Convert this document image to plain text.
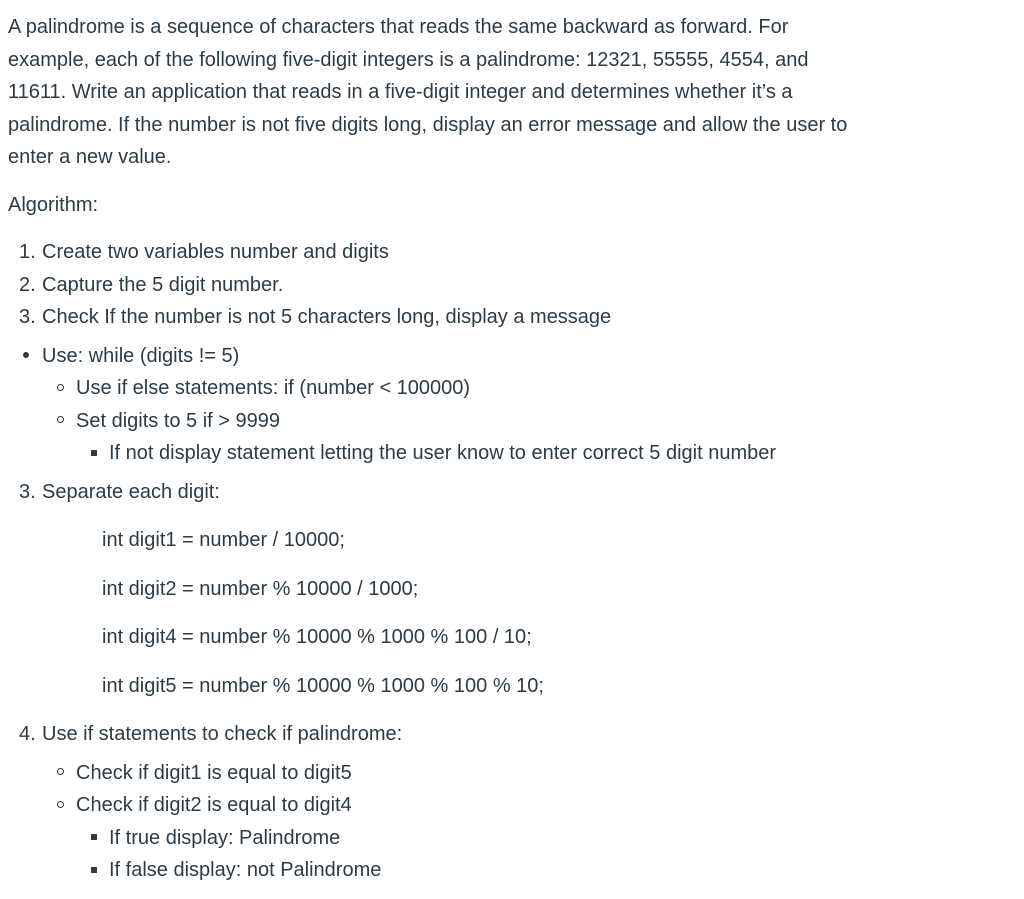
A palindrome is a sequence of characters that reads the same backward as forward. For example, each of the following five-digit integers is a palindrome: 12321, 55555, 4554, and 11611. Write an application that reads in a five-digit integer and determines whether it’s a palindrome. If the number is not five digits long, display an error message and allow the user to enter a new value.

Algorithm:

1. Create two variables number and digits
2. Capture the 5 digit number.
3. Check If the number is not 5 characters long, display a message
Use: while (digits != 5)
Use if else statements: if (number < 100000)
Set digits to 5 if > 9999
If not display statement letting the user know to enter correct 5 digit number
3. Separate each digit:

int digit1 = number / 10000;

int digit2 = number % 10000 / 1000;

int digit4 = number % 10000 % 1000 % 100 / 10;

int digit5 = number % 10000 % 1000 % 100 % 10;

4. Use if statements to check if palindrome:
Check if digit1 is equal to digit5
Check if digit2 is equal to digit4
If true display: Palindrome
If false display: not Palindrome
